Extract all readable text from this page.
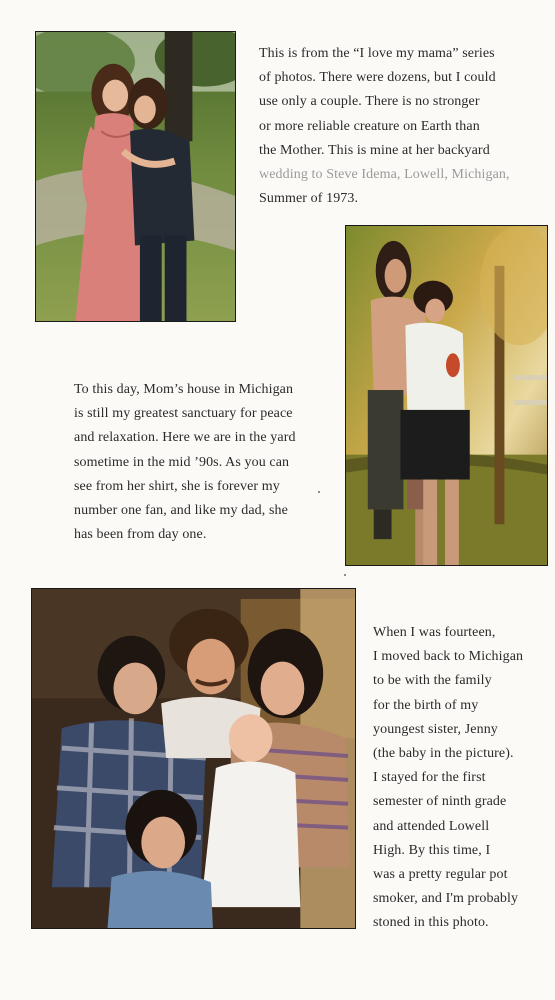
This is from the “I love my mama” series
of photos. There were dozens, but I could
use only a couple. There is no stronger
or more reliable creature on Earth than
the Mother. This is mine at her backyard
wedding to Steve Idema, Lowell, Michigan,
Summer of 1973.

To this day, Mom’s house in Michigan
is still my greatest sanctuary for peace
and relaxation. Here we are in the yard
sometime in the mid ’90s. As you can
see from her shirt, she is forever my
number one fan, and like my dad, she
has been from day one.

When I was fourteen,
I moved back to Michigan
to be with the family
for the birth of my
youngest sister, Jenny
(the baby in the picture).
I stayed for the first
semester of ninth grade
and attended Lowell
High. By this time, I
was a pretty regular pot
smoker, and I'm probably
stoned in this photo.
